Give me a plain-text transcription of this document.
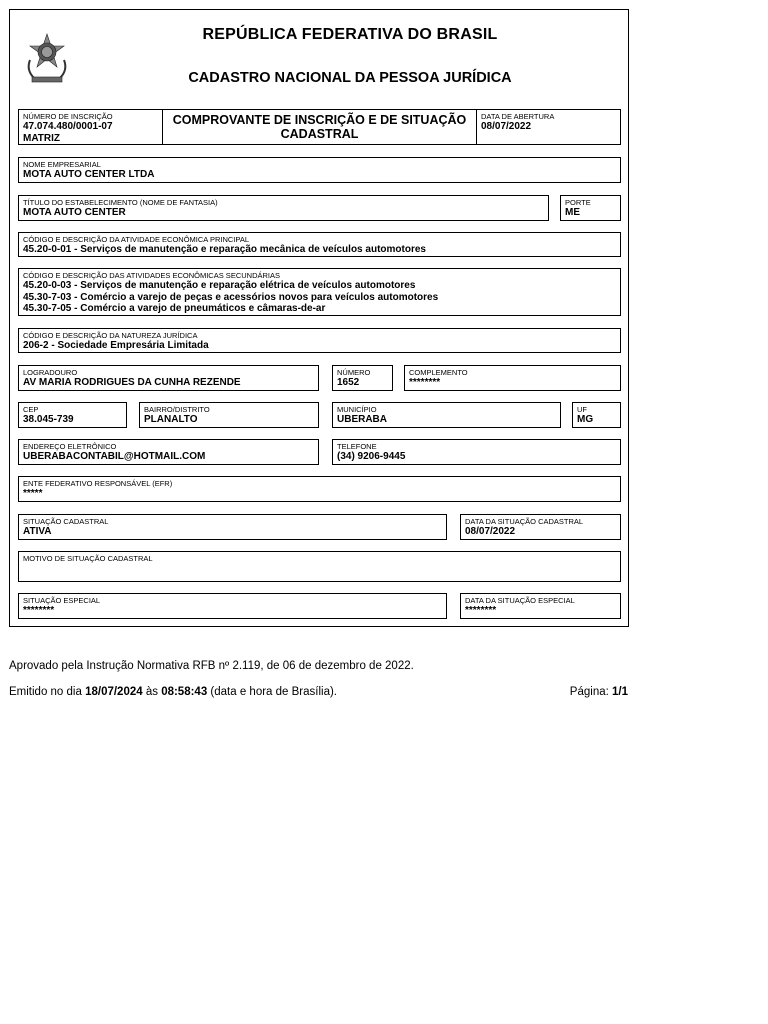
REPÚBLICA FEDERATIVA DO BRASIL
CADASTRO NACIONAL DA PESSOA JURÍDICA
NÚMERO DE INSCRIÇÃO
47.074.480/0001-07
MATRIZ
COMPROVANTE DE INSCRIÇÃO E DE SITUAÇÃO
CADASTRAL
DATA DE ABERTURA
08/07/2022
NOME EMPRESARIAL
MOTA AUTO CENTER LTDA
TÍTULO DO ESTABELECIMENTO (NOME DE FANTASIA)
MOTA AUTO CENTER
PORTE
ME
CÓDIGO E DESCRIÇÃO DA ATIVIDADE ECONÔMICA PRINCIPAL
45.20-0-01 - Serviços de manutenção e reparação mecânica de veículos automotores
CÓDIGO E DESCRIÇÃO DAS ATIVIDADES ECONÔMICAS SECUNDÁRIAS
45.20-0-03 - Serviços de manutenção e reparação elétrica de veículos automotores
45.30-7-03 - Comércio a varejo de peças e acessórios novos para veículos automotores
45.30-7-05 - Comércio a varejo de pneumáticos e câmaras-de-ar
CÓDIGO E DESCRIÇÃO DA NATUREZA JURÍDICA
206-2 - Sociedade Empresária Limitada
LOGRADOURO
AV MARIA RODRIGUES DA CUNHA REZENDE
NÚMERO
1652
COMPLEMENTO
********
CEP
38.045-739
BAIRRO/DISTRITO
PLANALTO
MUNICÍPIO
UBERABA
UF
MG
ENDEREÇO ELETRÔNICO
UBERABACONTABIL@HOTMAIL.COM
TELEFONE
(34) 9206-9445
ENTE FEDERATIVO RESPONSÁVEL (EFR)
*****
SITUAÇÃO CADASTRAL
ATIVA
DATA DA SITUAÇÃO CADASTRAL
08/07/2022
MOTIVO DE SITUAÇÃO CADASTRAL
SITUAÇÃO ESPECIAL
********
DATA DA SITUAÇÃO ESPECIAL
********
Aprovado pela Instrução Normativa RFB nº 2.119, de 06 de dezembro de 2022.
Emitido no dia 18/07/2024 às 08:58:43 (data e hora de Brasília).	Página: 1/1
